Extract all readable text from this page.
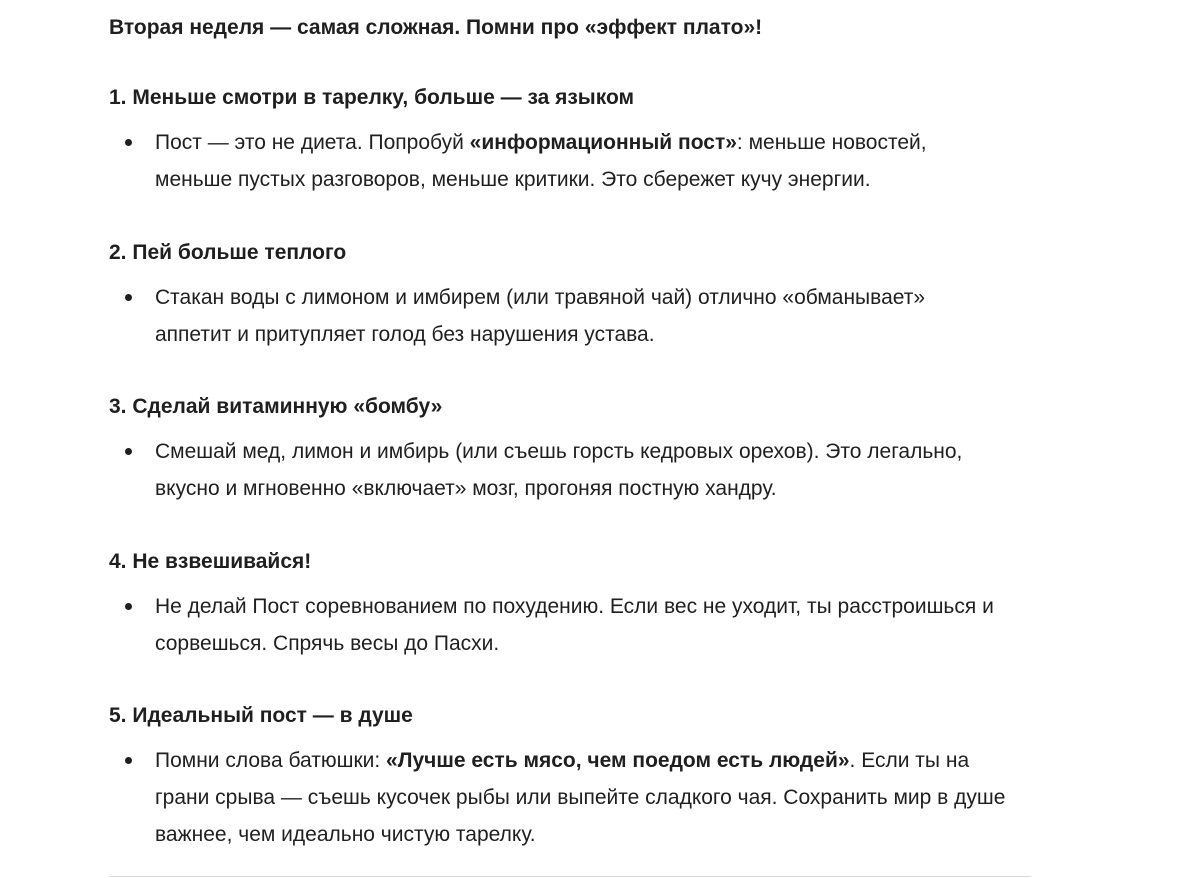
Вторая неделя — самая сложная. Помни про «эффект плато»!
1. Меньше смотри в тарелку, больше — за языком
Пост — это не диета. Попробуй «информационный пост»: меньше новостей,
меньше пустых разговоров, меньше критики. Это сбережет кучу энергии.
2. Пей больше теплого
Стакан воды с лимоном и имбирем (или травяной чай) отлично «обманывает»
аппетит и притупляет голод без нарушения устава.
3. Сделай витаминную «бомбу»
Смешай мед, лимон и имбирь (или съешь горсть кедровых орехов). Это легально,
вкусно и мгновенно «включает» мозг, прогоняя постную хандру.
4. Не взвешивайся!
Не делай Пост соревнованием по похудению. Если вес не уходит, ты расстроишься и
сорвешься. Спрячь весы до Пасхи.
5. Идеальный пост — в душе
Помни слова батюшки: «Лучше есть мясо, чем поедом есть людей». Если ты на
грани срыва — съешь кусочек рыбы или выпейте сладкого чая. Сохранить мир в душе
важнее, чем идеально чистую тарелку.
